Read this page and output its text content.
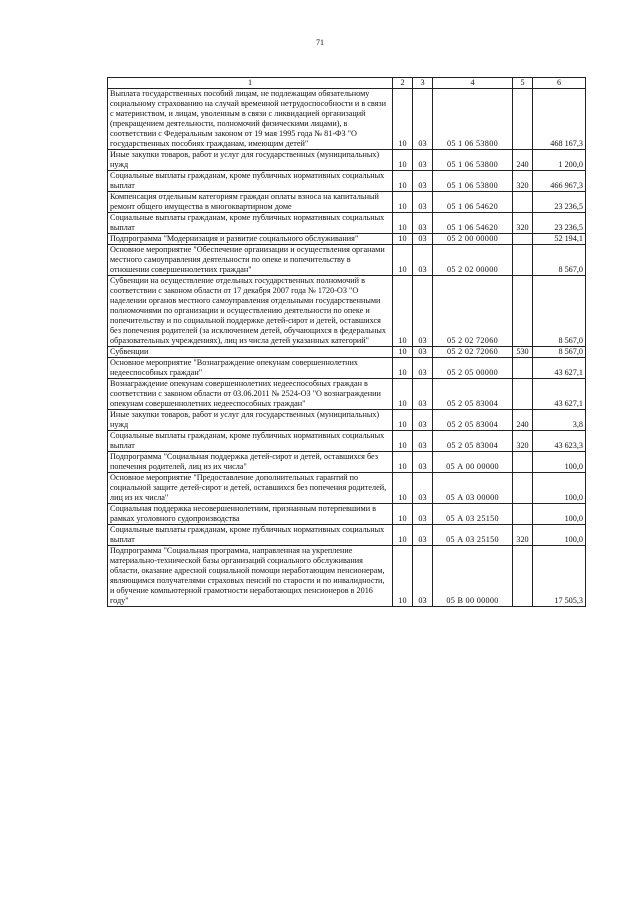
71
1	2	3	4	5	6

Выплата государственных пособий лицам, не подлежащим обязательному социальному страхованию на случай временной нетрудоспособности и в связи с материнством, и лицам, уволенным в связи с ликвидацией организаций (прекращением деятельности, полномочий физическими лицами), в соответствии с Федеральным законом от 19 мая 1995 года № 81-ФЗ "О государственных пособиях гражданам, имеющим детей"	10	03	05 1 06 53800		468 167,3

Иные закупки товаров, работ и услуг для государственных (муниципальных) нужд	10	03	05 1 06 53800	240	1 200,0

Социальные выплаты гражданам, кроме публичных нормативных социальных выплат	10	03	05 1 06 53800	320	466 967,3

Компенсация отдельным категориям граждан оплаты взноса на капитальный ремонт общего имущества в многоквартирном доме	10	03	05 1 06 54620		23 236,5

Социальные выплаты гражданам, кроме публичных нормативных социальных выплат	10	03	05 1 06 54620	320	23 236,5

Подпрограмма "Модернизация и развитие социального обслуживания"	10	03	05 2 00 00000		52 194,1

Основное мероприятие "Обеспечение организации и осуществления органами местного самоуправления деятельности по опеке и попечительству в отношении совершеннолетних граждан"	10	03	05 2 02 00000		8 567,0

Субвенции на осуществление отдельных государственных полномочий в соответствии с законом области от 17 декабря 2007 года № 1720-ОЗ "О наделении органов местного самоуправления отдельными государственными полномочиями по организации и осуществлению деятельности по опеке и попечительству и по социальной поддержке детей-сирот и детей, оставшихся без попечения родителей (за исключением детей, обучающихся в федеральных образовательных учреждениях), лиц из числа детей указанных категорий"	10	03	05 2 02 72060		8 567,0

Субвенции	10	03	05 2 02 72060	530	8 567,0

Основное мероприятие "Вознаграждение опекунам совершеннолетних недееспособных граждан"	10	03	05 2 05 00000		43 627,1

Вознаграждение опекунам совершеннолетних недееспособных граждан в соответствии с законом области от 03.06.2011 № 2524-ОЗ "О вознаграждении опекунам совершеннолетних недееспособных граждан"	10	03	05 2 05 83004		43 627,1

Иные закупки товаров, работ и услуг для государственных (муниципальных) нужд	10	03	05 2 05 83004	240	3,8

Социальные выплаты гражданам, кроме публичных нормативных социальных выплат	10	03	05 2 05 83004	320	43 623,3

Подпрограмма "Социальная поддержка детей-сирот и детей, оставшихся без попечения родителей, лиц из их числа"	10	03	05 А 00 00000		100,0

Основное мероприятие "Предоставление дополнительных гарантий по социальной защите детей-сирот и детей, оставшихся без попечения родителей, лиц из их числа"	10	03	05 А 03 00000		100,0

Социальная поддержка несовершеннолетним, признанным потерпевшими в рамках уголовного судопроизводства	10	03	05 А 03 25150		100,0

Социальные выплаты гражданам, кроме публичных нормативных социальных выплат	10	03	05 А 03 25150	320	100,0

Подпрограмма "Социальная программа, направленная на укрепление материально-технической базы организаций социального обслуживания области, оказание адресной социальной помощи неработающим пенсионерам, являющимся получателями страховых пенсий по старости и по инвалидности, и обучение компьютерной грамотности неработающих пенсионеров в 2016 году"	10	03	05 В 00 00000		17 505,3
